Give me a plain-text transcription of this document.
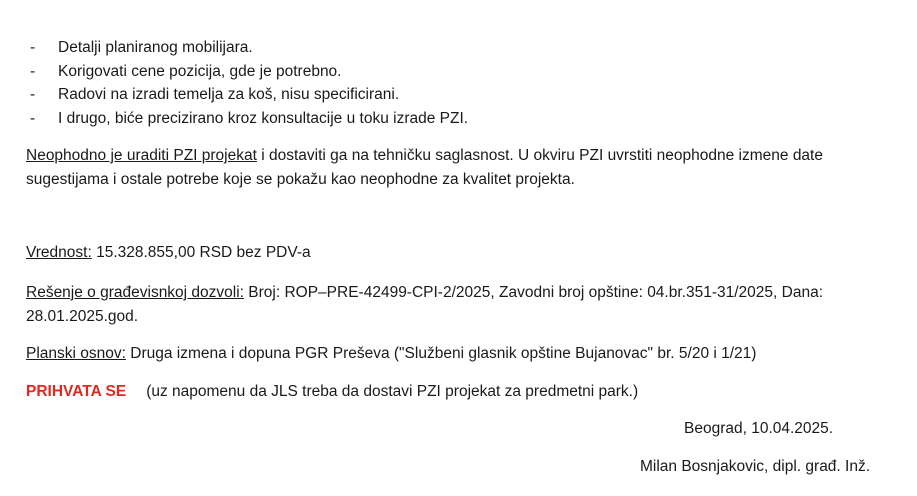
- Detalji planiranog mobilijara.
- Korigovati cene pozicija, gde je potrebno.
- Radovi na izradi temelja za koš, nisu specificirani.
- I drugo, biće precizirano kroz konsultacije u toku izrade PZI.

Neophodno je uraditi PZI projekat i dostaviti ga na tehničku saglasnost. U okviru PZI uvrstiti neophodne izmene date sugestijama i ostale potrebe koje se pokažu kao neophodne za kvalitet projekta.

Vrednost: 15.328.855,00 RSD bez PDV-a

Rešenje o građevisnkoj dozvoli: Broj: ROP–PRE-42499-CPI-2/2025, Zavodni broj opštine: 04.br.351-31/2025, Dana: 28.01.2025.god.

Planski osnov: Druga izmena i dopuna PGR Preševa ("Službeni glasnik opštine Bujanovac" br. 5/20 i 1/21)

PRIHVATA SE (uz napomenu da JLS treba da dostavi PZI projekat za predmetni park.)

Beograd, 10.04.2025.
Milan Bosnjakovic, dipl. građ. Inž.
